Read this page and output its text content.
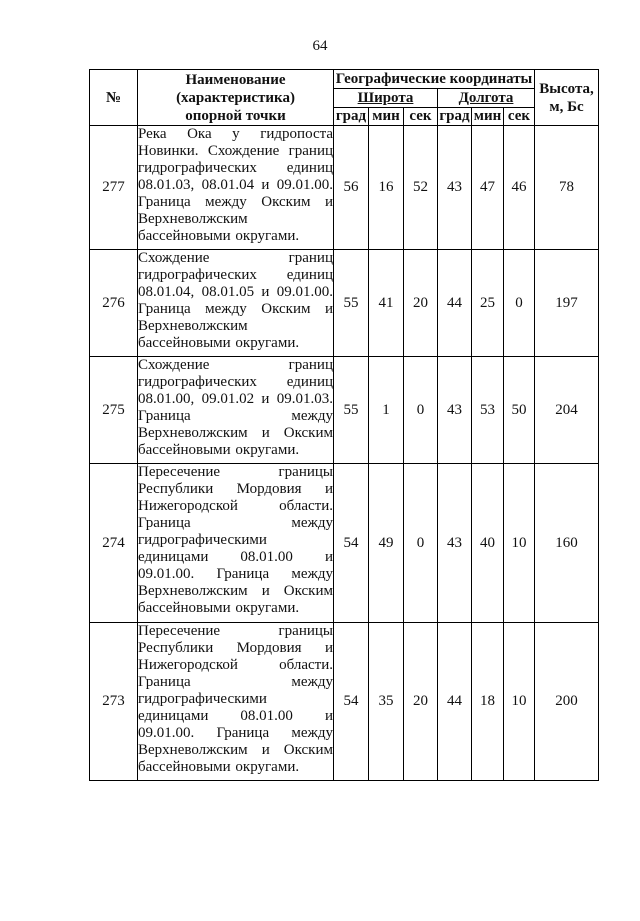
64
№	Наименование
(характеристика)
опорной точки	Географические координаты						Высота, м, Бс
		Широта			Долгота			
		град	мин	сек	град	мин	сек	
277	Река Ока у гидропоста Новинки. Схождение границ гидрографических единиц 08.01.03, 08.01.04 и 09.01.00. Граница между Окским и Верхневолжским бассейновыми округами.	56	16	52	43	47	46	78
276	Схождение границ гидрографических единиц 08.01.04, 08.01.05 и 09.01.00. Граница между Окским и Верхневолжским бассейновыми округами.	55	41	20	44	25	0	197
275	Схождение границ гидрографических единиц 08.01.00, 09.01.02 и 09.01.03. Граница между Верхневолжским и Окским бассейновыми округами.	55	1	0	43	53	50	204
274	Пересечение границы Республики Мордовия и Нижегородской области. Граница между гидрографическими единицами 08.01.00 и 09.01.00. Граница между Верхневолжским и Окским бассейновыми округами.	54	49	0	43	40	10	160
273	Пересечение границы Республики Мордовия и Нижегородской области. Граница между гидрографическими единицами 08.01.00 и 09.01.00. Граница между Верхневолжским и Окским бассейновыми округами.	54	35	20	44	18	10	200
